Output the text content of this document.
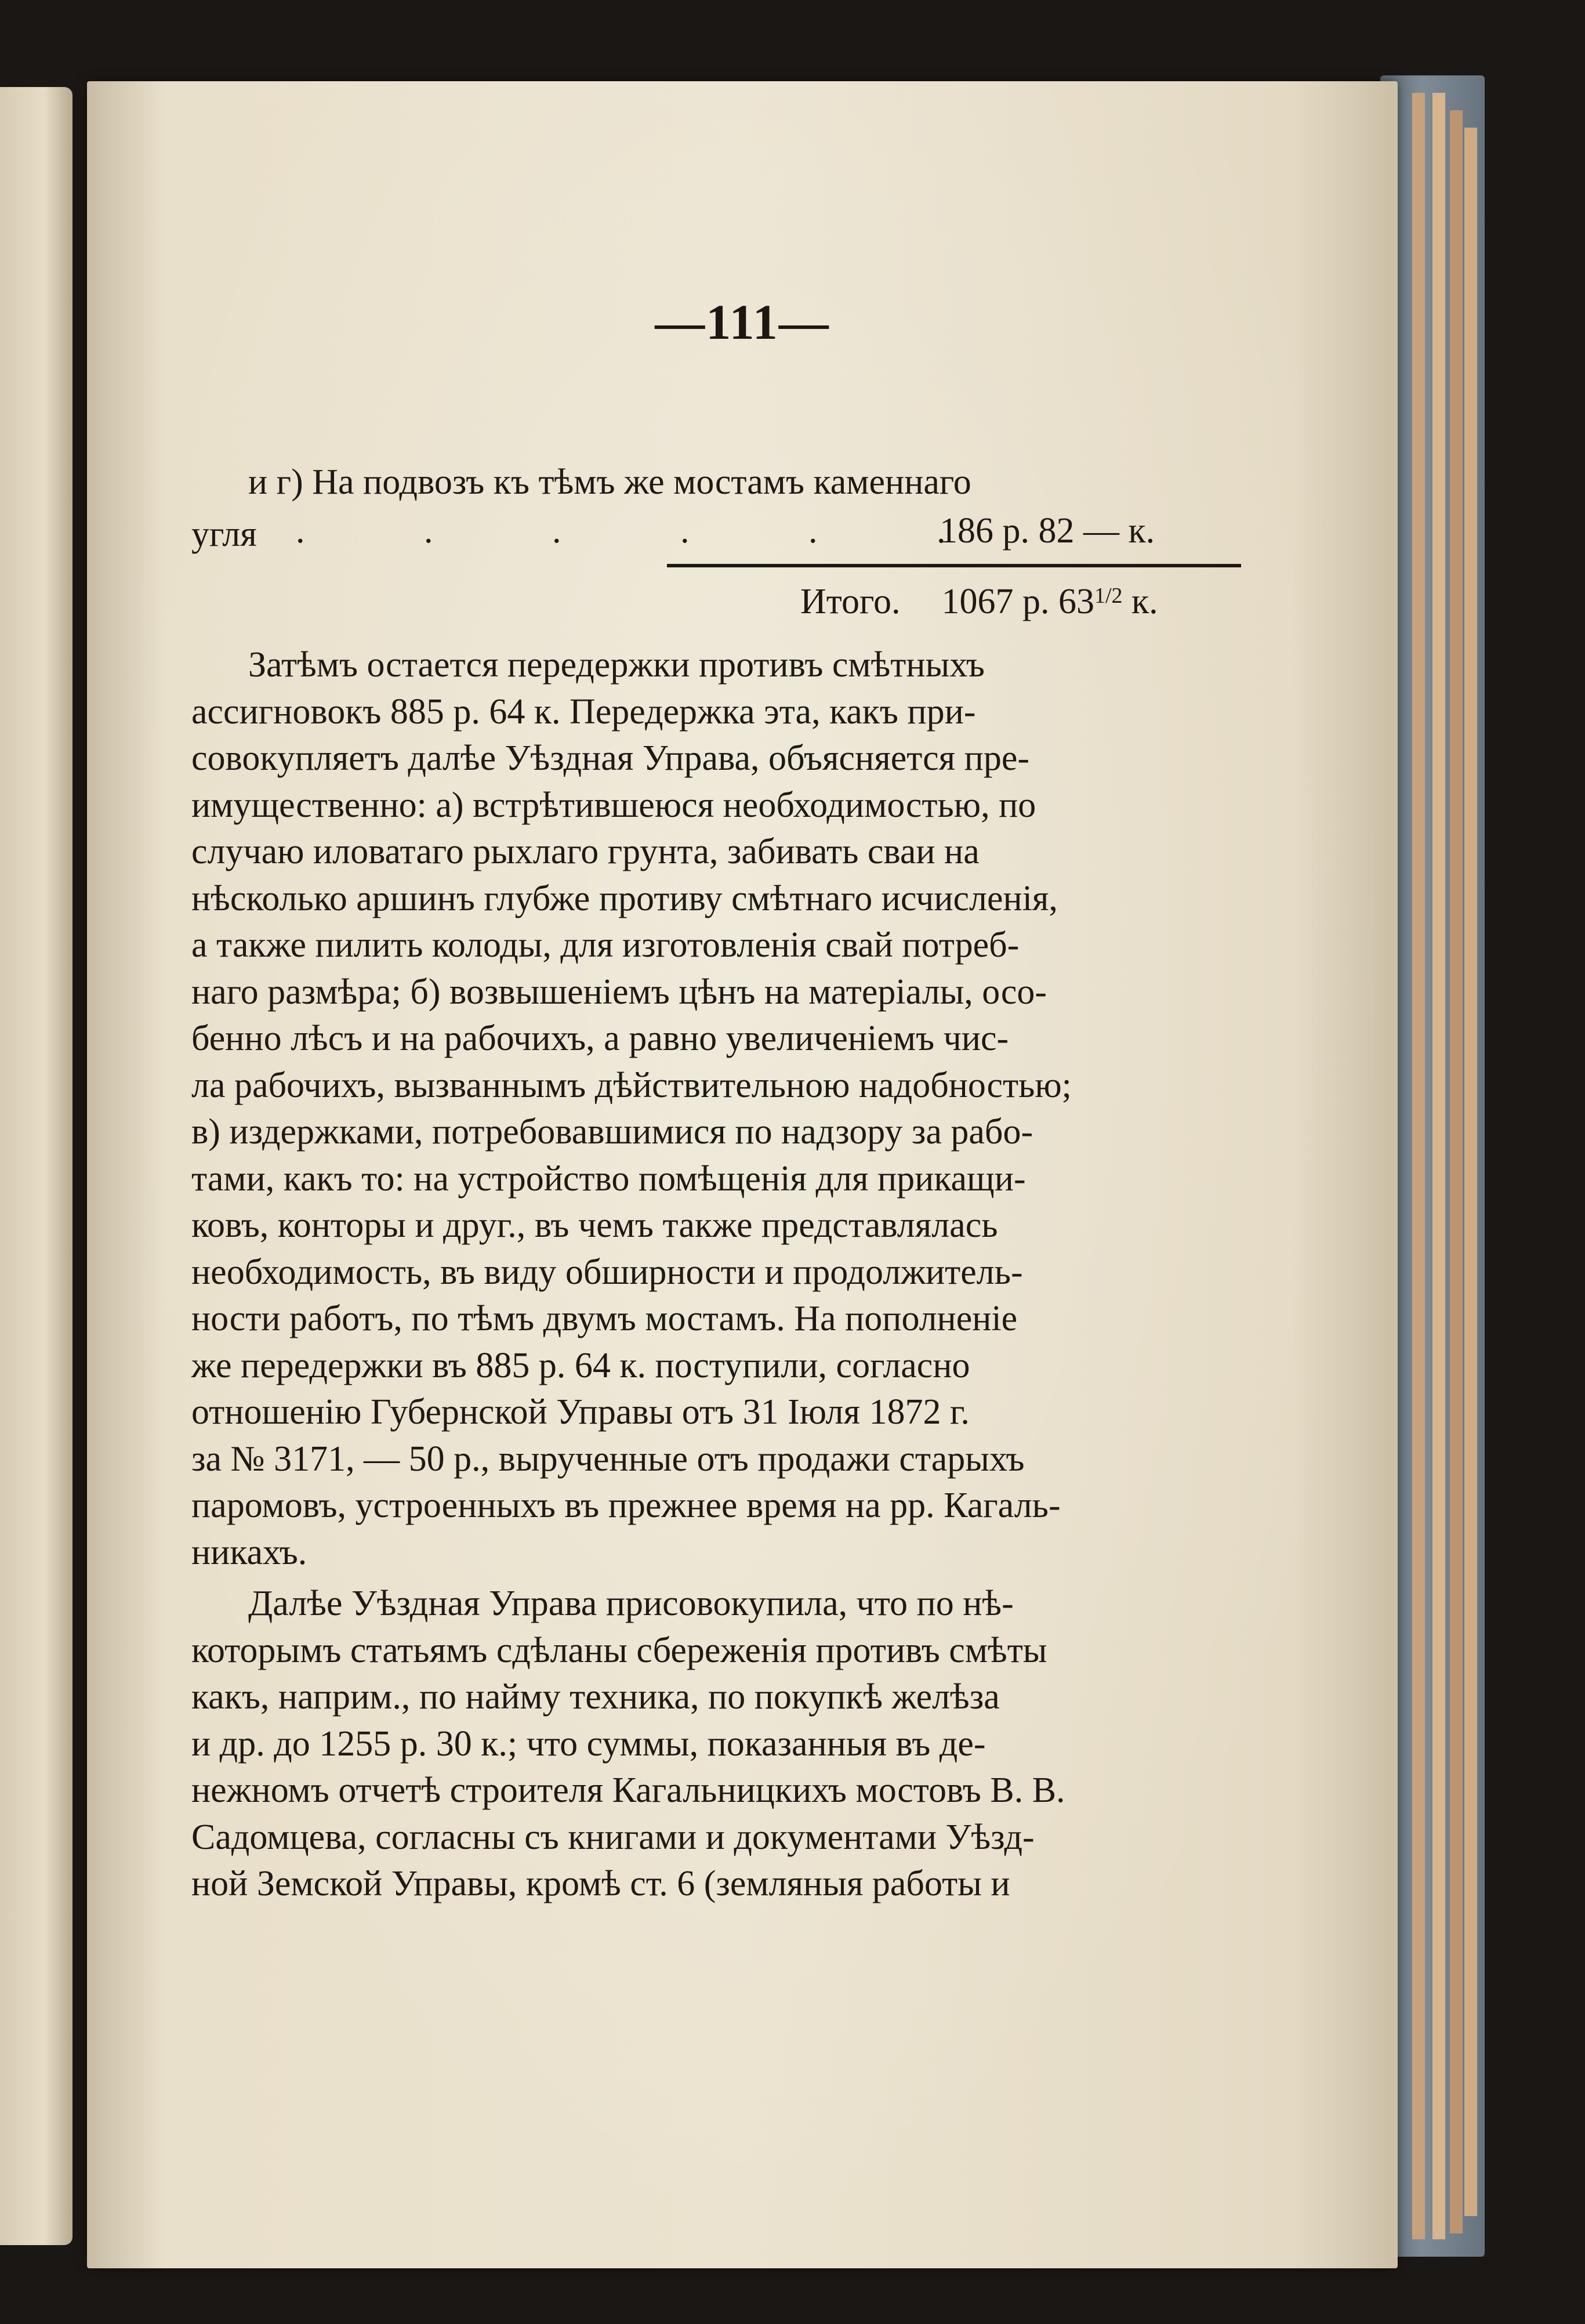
—111—
и г) На подвозъ къ тѣмъ же мостамъ каменнаго
угля	. . . . . .
186 р. 82 — к.
Итого. 1067 р. $63^{1/2}$ к.
Затѣмъ остается передержки противъ смѣтныхъ
ассигновокъ 885 р. 64 к. Передержка эта, какъ при-
совокупляетъ далѣе Уѣздная Управа, объясняется пре-
имущественно: а) встрѣтившеюся необходимостью, по
случаю иловатаго рыхлаго грунта, забивать сваи на
нѣсколько аршинъ глубже противу смѣтнаго исчисленія,
а также пилить колоды, для изготовленія свай потреб-
наго размѣра; б) возвышеніемъ цѣнъ на матеріалы, осо-
бенно лѣсъ и на рабочихъ, а равно увеличеніемъ чис-
ла рабочихъ, вызваннымъ дѣйствительною надобностью;
в) издержками, потребовавшимися по надзору за рабо-
тами, какъ то: на устройство помѣщенія для прикащи-
ковъ, конторы и друг., въ чемъ также представлялась
необходимость, въ виду обширности и продолжитель-
ности работъ, по тѣмъ двумъ мостамъ. На пополненіе
же передержки въ 885 р. 64 к. поступили, согласно
отношенію Губернской Управы отъ 31 Іюля 1872 г.
за № 3171, — 50 р., вырученные отъ продажи старыхъ
паромовъ, устроенныхъ въ прежнее время на рр. Кагаль-
никахъ.
Далѣе Уѣздная Управа присовокупила, что по нѣ-
которымъ статьямъ сдѣланы сбереженія противъ смѣты
какъ, наприм., по найму техника, по покупкѣ желѣза
и др. до 1255 р. 30 к.; что суммы, показанныя въ де-
нежномъ отчетѣ строителя Кагальницкихъ мостовъ В. В.
Садомцева, согласны съ книгами и документами Уѣзд-
ной Земской Управы, кромѣ ст. 6 (земляныя работы и
